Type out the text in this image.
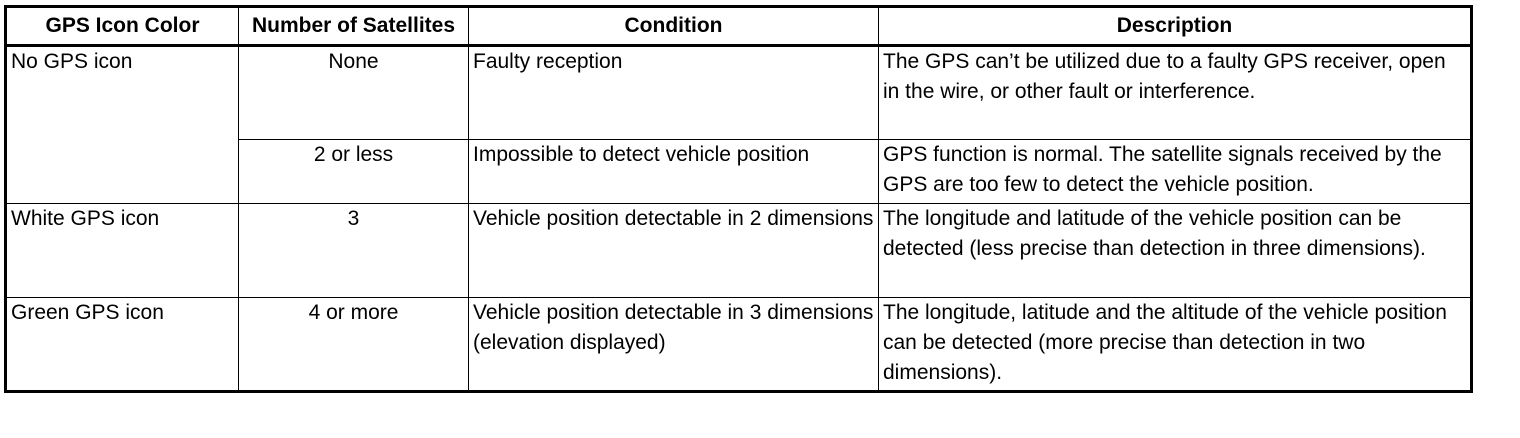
GPS Icon Color	Number of Satellites	Condition	Description
No GPS icon	None	Faulty reception	The GPS can’t be utilized due to a faulty GPS receiver, open in the wire, or other fault or interference.
	2 or less	Impossible to detect vehicle position	GPS function is normal. The satellite signals received by the GPS are too few to detect the vehicle position.
White GPS icon	3	Vehicle position detectable in 2 dimensions	The longitude and latitude of the vehicle position can be detected (less precise than detection in three dimensions).
Green GPS icon	4 or more	Vehicle position detectable in 3 dimensions (elevation displayed)	The longitude, latitude and the altitude of the vehicle position can be detected (more precise than detection in two dimensions).
